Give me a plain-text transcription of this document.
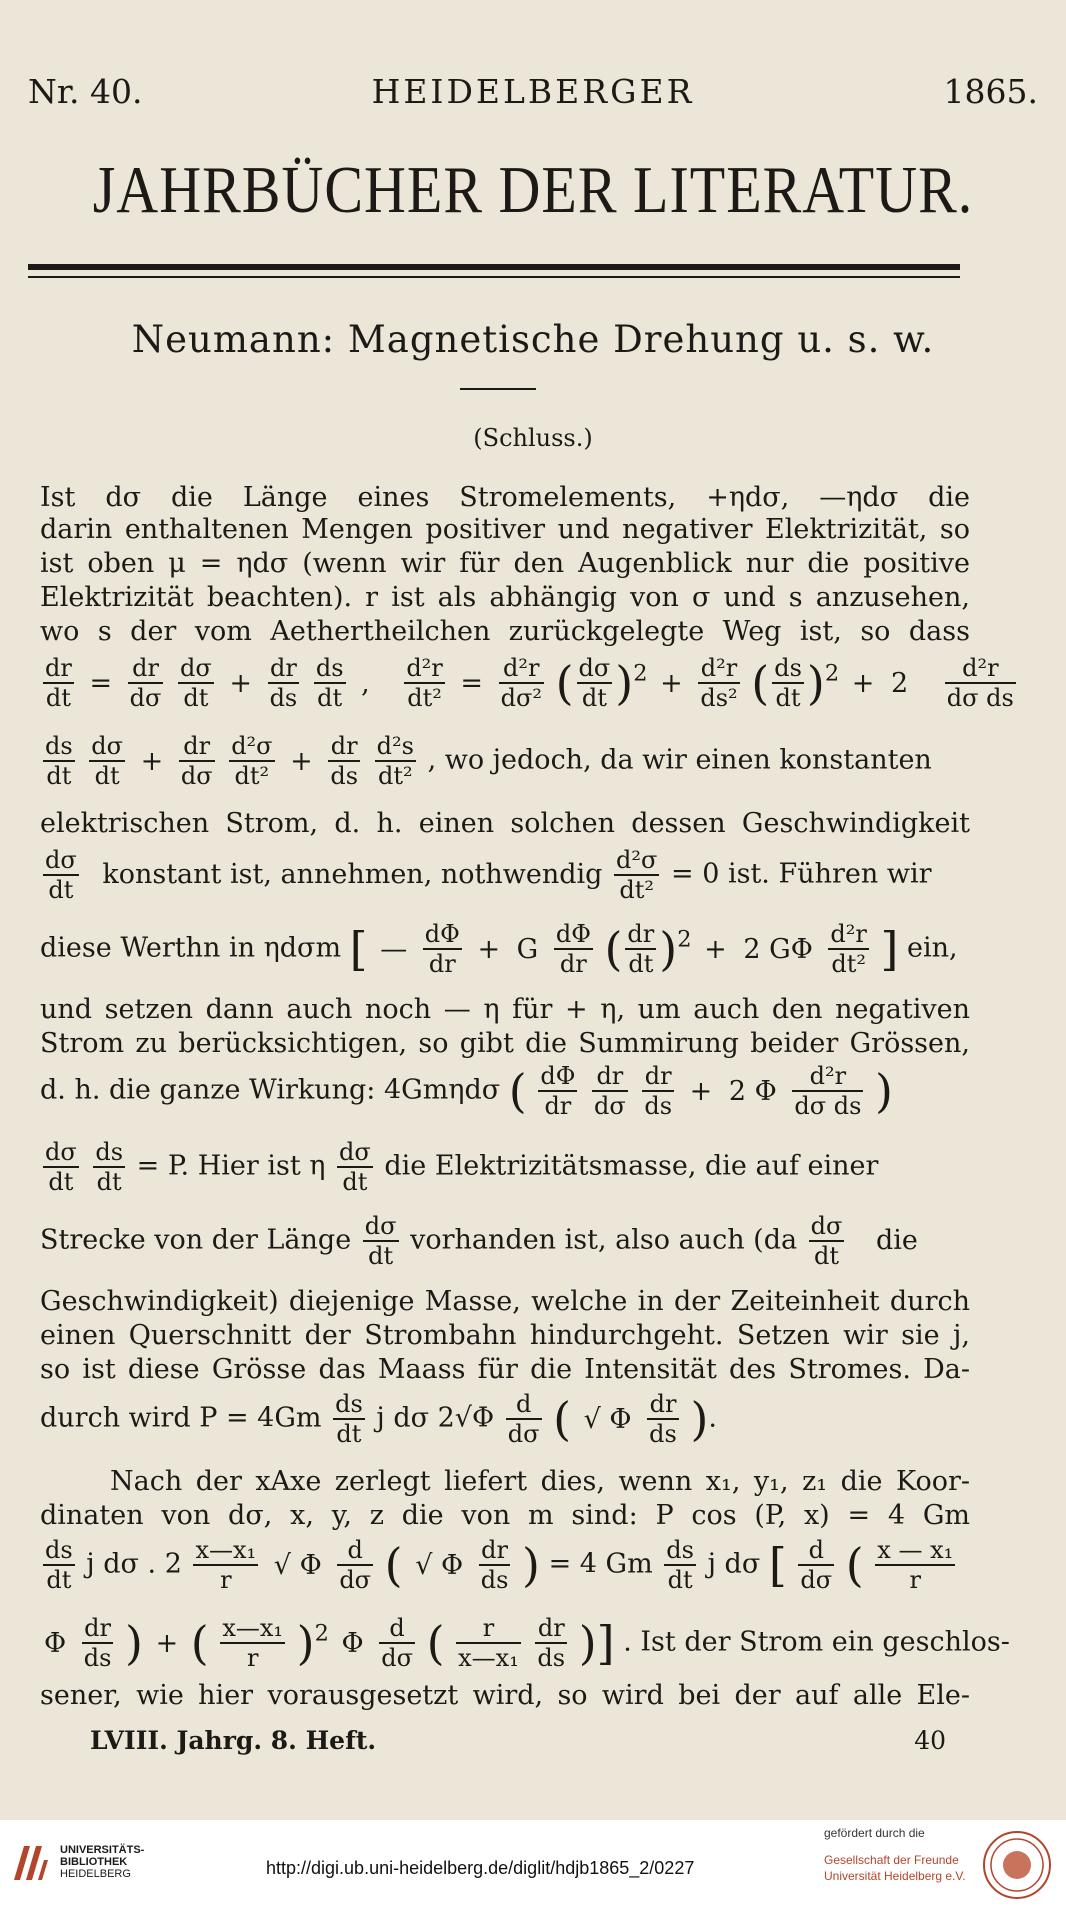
Nr. 40.	HEIDELBERGER	1865.
JAHRBÜCHER DER LITERATUR.
Neumann: Magnetische Drehung u. s. w.
(Schluss.)
Ist dσ die Länge eines Stromelements, +ηdσ, —ηdσ die
darin enthaltenen Mengen positiver und negativer Elektrizität, so
ist oben μ = ηdσ (wenn wir für den Augenblick nur die positive
Elektrizität beachten). r ist als abhängig von σ und s anzusehen,
wo s der vom Aethertheilchen zurückgelegte Weg ist, so dass
$\frac{dr}{dt} = \frac{dr}{d\sigma}$
$\frac{d\sigma}{dt} + \frac{dr}{ds}$
$\frac{ds}{dt}$ , $\frac{\text{d²r}}{\text{dt²}} = \frac{\text{d²r}}{\text{dσ²}}$ ( $\frac{d\sigma}{dt} )^2 + \frac{\text{d²r}}{\text{ds²}}$ ( $\frac{ds}{dt} )^2 + 2 \frac{\text{d²r}}{\text{dσ ds}}$
$\frac{ds}{dt}$
$\frac{d\sigma}{dt} + \frac{dr}{d\sigma}$
$\frac{\text{d²σ}}{\text{dt²}} + \frac{dr}{ds}$
$\frac{\text{d²s}}{\text{dt²}}$ , wo jedoch, da wir einen konstanten
elektrischen Strom, d. h. einen solchen dessen Geschwindigkeit
$\frac{d\sigma}{dt}$ konstant ist, annehmen, nothwendig $\frac{\text{d²σ}}{\text{dt²}} = 0$ ist. Führen wir
diese Werthn in ηdσm [ — $\frac{d\Phi}{dr} + G \frac{d\Phi}{dr}$ ( $\frac{dr}{dt} )^2 + 2$ GΦ $\frac{\text{d²r}}{\text{dt²}}$ ] ein,
und setzen dann auch noch — η für + η, um auch den negativen
Strom zu berücksichtigen, so gibt die Summirung beider Grössen,
d. h. die ganze Wirkung: 4Gmηdσ ( $\frac{d\Phi}{dr}$
$\frac{dr}{d\sigma}$
$\frac{dr}{ds} + 2$ Φ $\frac{\text{d²r}}{\text{dσ ds}}$ )
$\frac{d\sigma}{dt}$
$\frac{ds}{dt} = P$. Hier ist η $\frac{d\sigma}{dt}$ die Elektrizitätsmasse, die auf einer
Strecke von der Länge $\frac{d\sigma}{dt}$ vorhanden ist, also auch ($da \frac{d\sigma}{dt}$ die
Geschwindigkeit) diejenige Masse, welche in der Zeiteinheit durch
einen Querschnitt der Strombahn hindurchgeht. Setzen wir sie j,
so ist diese Grösse das Maass für die Intensität des Stromes. Da-
durch wird $P = 4Gm \frac{ds}{dt}$ j dσ $2√\Phi \frac{d}{d\sigma}$ ( √ Φ $\frac{dr}{ds}$ ).
Nach der xAxe zerlegt liefert dies, wenn x₁, y₁, z₁ die Koor-
dinaten von dσ, x, y, z die von m sind: P cos (P, x) = 4 Gm
$\frac{ds}{dt}$ j dσ . $2 \frac{\text{x—x₁}}{r}$ √ Φ $\frac{d}{d\sigma}$ ( √ Φ $\frac{dr}{ds}$ ) = 4 Gm $\frac{ds}{dt}$ j dσ [ $\frac{d}{d\sigma}$ ( $\frac{\text{x — x₁}}{r}$
Φ $\frac{dr}{ds}$ ) + ( $\frac{\text{x—x₁}}{r} )^2$ Φ $\frac{d}{d\sigma}$ ( $\frac{r}{\text{x—x₁}}$
$\frac{dr}{ds}$ )] . Ist der Strom ein geschlos-
sener, wie hier vorausgesetzt wird, so wird bei der auf alle Ele-
LVIII. Jahrg. 8. Heft.	40
UNIVERSITÄTS-
BIBLIOTHEK
HEIDELBERG	http://digi.ub.uni-heidelberg.de/diglit/hdjb1865_2/0227
gefördert durch die
Gesellschaft der Freunde
Universität Heidelberg e.V.
